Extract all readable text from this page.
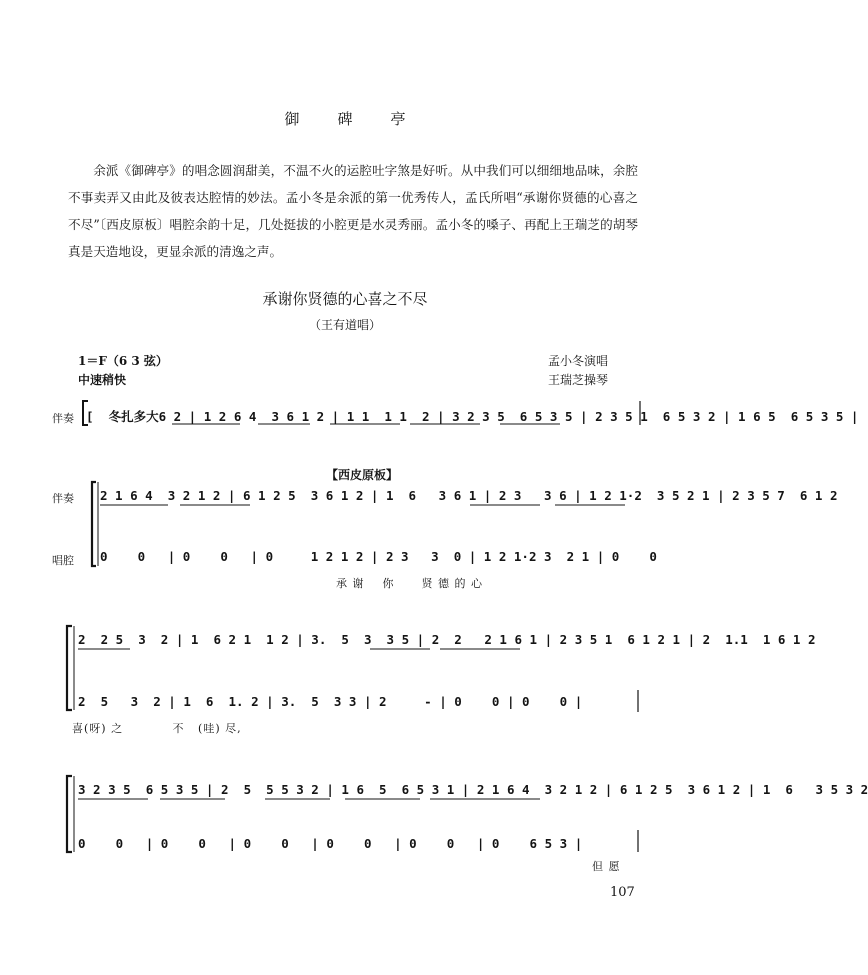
御碑亭
余派《御碑亭》的唱念圆润甜美，不温不火的运腔吐字煞是好听。从中我们可以细细地品味，余腔不事卖弄又由此及彼表达腔情的妙法。孟小冬是余派的第一优秀传人，孟氏所唱“承谢你贤德的心喜之不尽”〔西皮原板〕唱腔余韵十足，几处挺拔的小腔更是水灵秀丽。孟小冬的嗓子、再配上王瑞芝的胡琴真是天造地设，更显余派的清逸之声。
承谢你贤德的心喜之不尽
（王有道唱）
1＝F（6 3 弦）
中速稍快
孟小冬演唱
王瑞芝操琴
伴奏 [  冬扎多大6 2 | 1 2 6 4  3 6 1 2 | 1 1  1 1  2 | 3 2 3 5  6 5 3 5 | 2 3 5 1  6 5 3 2 | 1 6 5  6 5 3 5 |
【西皮原板】
伴奏 2 1 6 4  3 2 1 2 | 6 1 2 5  3 6 1 2 | 1  6   3 6 1 | 2 3   3 6 | 1 2 1·2  3 5 2 1 | 2 3 5 7  6 1 2
唱腔 0    0   | 0    0   | 0     1 2 1 2 | 2 3   3  0 | 1 2 1·2 3  2 1 | 0    0
承 谢    你      贤 德 的 心
2  2 5  3  2 | 1  6 2 1  1 2 | 3.  5  3  3 5 | 2  2   2 1 6 1 | 2 3 5 1  6 1 2 1 | 2  1.1  1 6 1 2
2  5   3  2 | 1  6  1. 2 | 3.  5  3 3 | 2     - | 0    0 | 0    0 |
喜(呀) 之           不   (哇) 尽,
3 2 3 5  6 5 3 5 | 2  5  5 5 3 2 | 1 6  5  6 5 3 1 | 2 1 6 4  3 2 1 2 | 6 1 2 5  3 6 1 2 | 1  6   3 5 3 2
0    0   | 0    0   | 0    0   | 0    0   | 0    0   | 0    6 5 3 |
但 愿
107
